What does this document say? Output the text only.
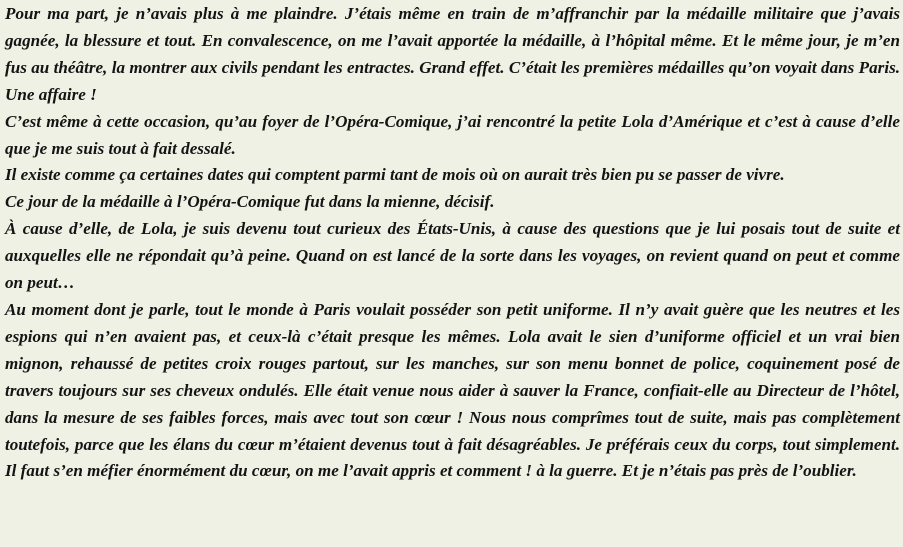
Pour ma part, je n’avais plus à me plaindre. J’étais même en train de m’affranchir par la médaille militaire que j’avais gagnée, la blessure et tout. En convalescence, on me l’avait apportée la médaille, à l’hôpital même. Et le même jour, je m’en fus au théâtre, la montrer aux civils pendant les entractes. Grand effet. C’était les premières médailles qu’on voyait dans Paris. Une affaire !

C’est même à cette occasion, qu’au foyer de l’Opéra-Comique, j’ai rencontré la petite Lola d’Amérique et c’est à cause d’elle que je me suis tout à fait dessalé.

Il existe comme ça certaines dates qui comptent parmi tant de mois où on aurait très bien pu se passer de vivre.

Ce jour de la médaille à l’Opéra-Comique fut dans la mienne, décisif.

À cause d’elle, de Lola, je suis devenu tout curieux des États-Unis, à cause des questions que je lui posais tout de suite et auxquelles elle ne répondait qu’à peine. Quand on est lancé de la sorte dans les voyages, on revient quand on peut et comme on peut…

Au moment dont je parle, tout le monde à Paris voulait posséder son petit uniforme. Il n’y avait guère que les neutres et les espions qui n’en avaient pas, et ceux-là c’était presque les mêmes. Lola avait le sien d’uniforme officiel et un vrai bien mignon, rehaussé de petites croix rouges partout, sur les manches, sur son menu bonnet de police, coquinement posé de travers toujours sur ses cheveux ondulés. Elle était venue nous aider à sauver la France, confiait-elle au Directeur de l’hôtel, dans la mesure de ses faibles forces, mais avec tout son cœur ! Nous nous comprîmes tout de suite, mais pas complètement toutefois, parce que les élans du cœur m’étaient devenus tout à fait désagréables. Je préférais ceux du corps, tout simplement. Il faut s’en méfier énormément du cœur, on me l’avait appris et comment ! à la guerre. Et je n’étais pas près de l’oublier.
